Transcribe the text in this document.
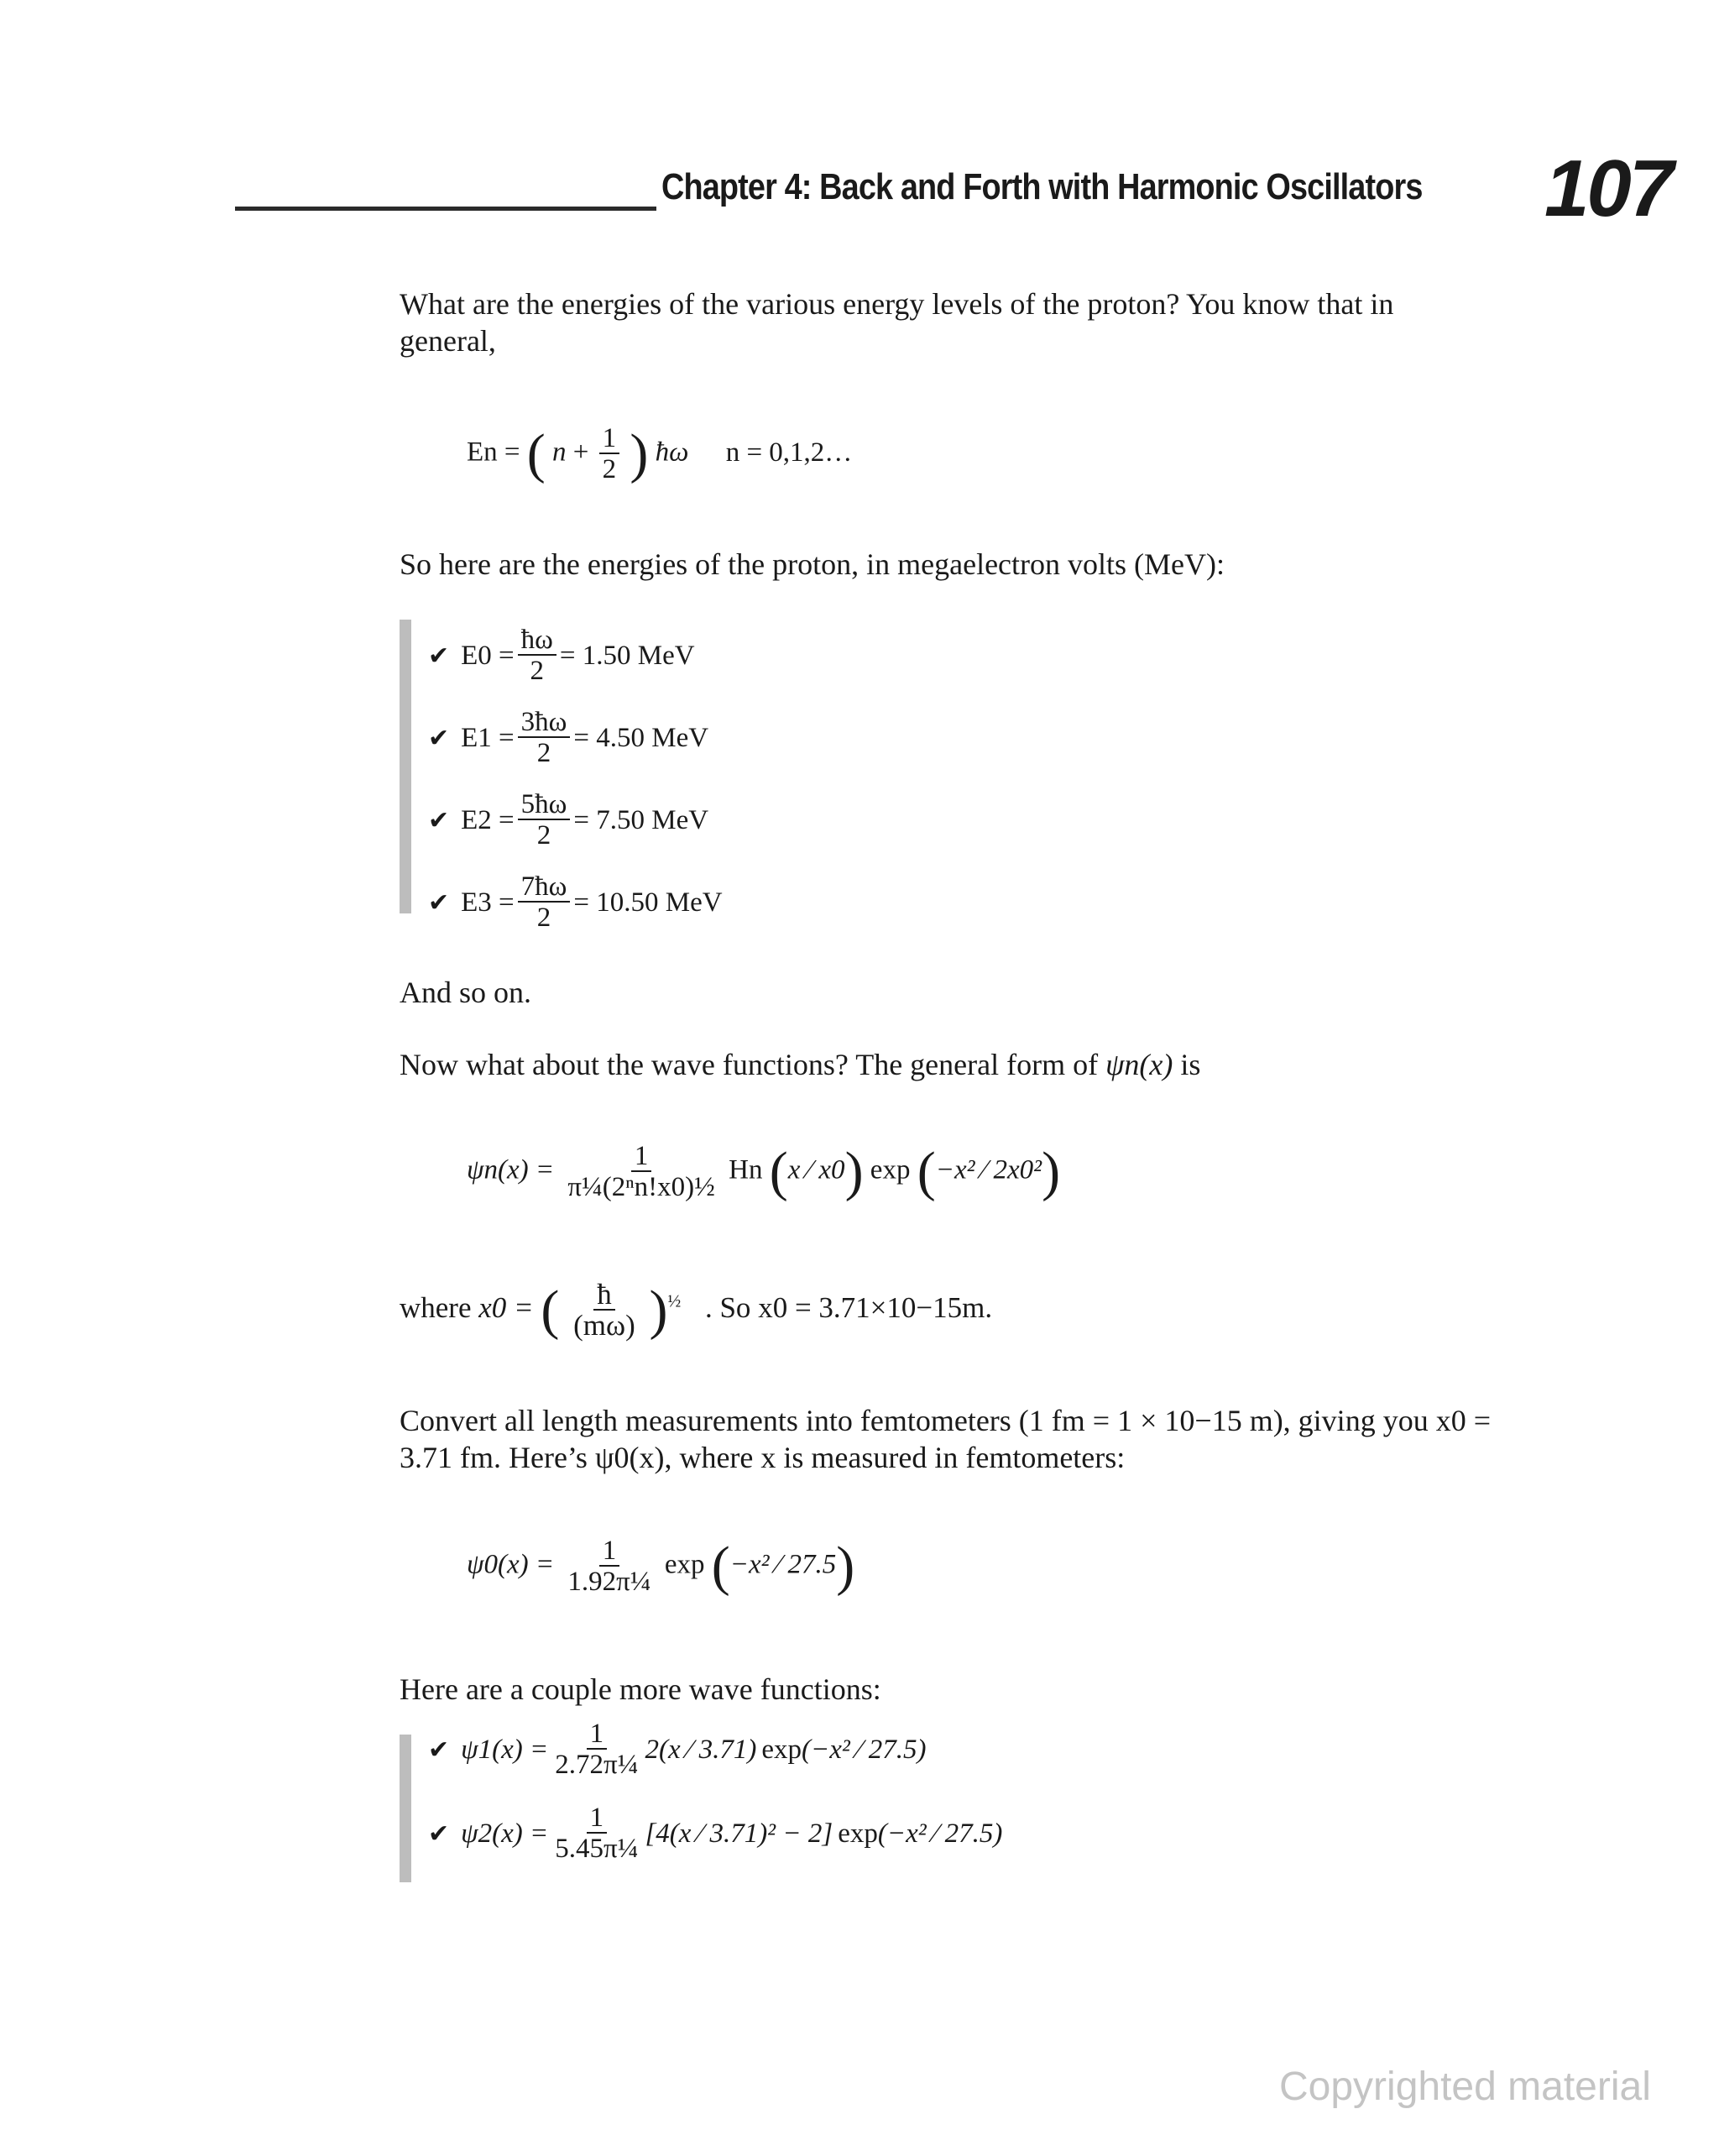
Chapter 4: Back and Forth with Harmonic Oscillators 107
What are the energies of the various energy levels of the proton? You know that in general,
En = ( $n + \frac{1}{2}$ ) ħω n = 0,1,2…
So here are the energies of the proton, in megaelectron volts (MeV):
✔ $E0 = \frac{ħ\omega}{2} = 1.50$ MeV
✔ $E1 = \frac{3ħ\omega}{2} = 4.50$ MeV
✔ $E2 = \frac{5ħ\omega}{2} = 7.50$ MeV
✔ $E3 = \frac{7ħ\omega}{2} = 10.50$ MeV
And so on.
Now what about the wave functions? The general form of ψn(x) is
$\psi n(x) = \frac{1}{\text{π¼(2ⁿn!x0)½}}$ Hn (x ⁄ x0) exp (−x² ⁄ 2x0²)
where x0 = ( $\frac{ħ}{(m\omega)} )^{\frac{1}{2}}$ . So x0 = 3.71×10−15m.
Convert all length measurements into femtometers (1 fm = 1 × 10−15 m), giving you x0 = 3.71 fm. Here’s ψ0(x), where x is measured in femtometers:
$\psi 0(x) = \frac{1}{\text{1.92π¼}}$ exp (−x² ⁄ 27.5)
Here are a couple more wave functions:
✔ $\psi 1(x) = \frac{1}{\text{2.72π¼}} 2(x$ ⁄ 3.71) exp (−x² ⁄ 27.5)
✔ $\psi 2(x) = \frac{1}{\text{5.45π¼}} [4(x$ ⁄ 3.71)² − 2] exp (−x² ⁄ 27.5)
Copyrighted material
